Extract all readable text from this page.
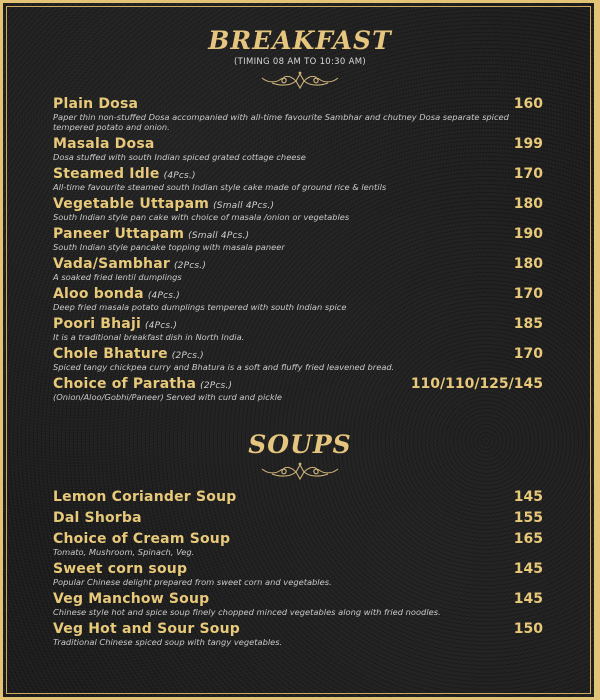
BREAKFAST
(TIMING 08 AM TO 10:30 AM)
Plain Dosa	160
Paper thin non-stuffed Dosa accompanied with all-time favourite Sambhar and chutney Dosa separate spiced tempered potato and onion.
Masala Dosa	199
Dosa stuffed with south Indian spiced grated cottage cheese
Steamed Idle (4Pcs.)	170
All-time favourite steamed south Indian style cake made of ground rice & lentils
Vegetable Uttapam (Small 4Pcs.)	180
South Indian style pan cake with choice of masala /onion or vegetables
Paneer Uttapam (Small 4Pcs.)	190
South Indian style pancake topping with masala paneer
Vada/Sambhar (2Pcs.)	180
A soaked fried lentil dumplings
Aloo bonda (4Pcs.)	170
Deep fried masala potato dumplings tempered with south Indian spice
Poori Bhaji (4Pcs.)	185
It is a traditional breakfast dish in North India.
Chole Bhature (2Pcs.)	170
Spiced tangy chickpea curry and Bhatura is a soft and fluffy fried leavened bread.
Choice of Paratha (2Pcs.)	110/110/125/145
(Onion/Aloo/Gobhi/Paneer) Served with curd and pickle
SOUPS
Lemon Coriander Soup	145
Dal Shorba	155
Choice of Cream Soup	165
Tomato, Mushroom, Spinach, Veg.
Sweet corn soup	145
Popular Chinese delight prepared from sweet corn and vegetables.
Veg Manchow Soup	145
Chinese style hot and spice soup finely chopped minced vegetables along with fried noodles.
Veg Hot and Sour Soup	150
Traditional Chinese spiced soup with tangy vegetables.
